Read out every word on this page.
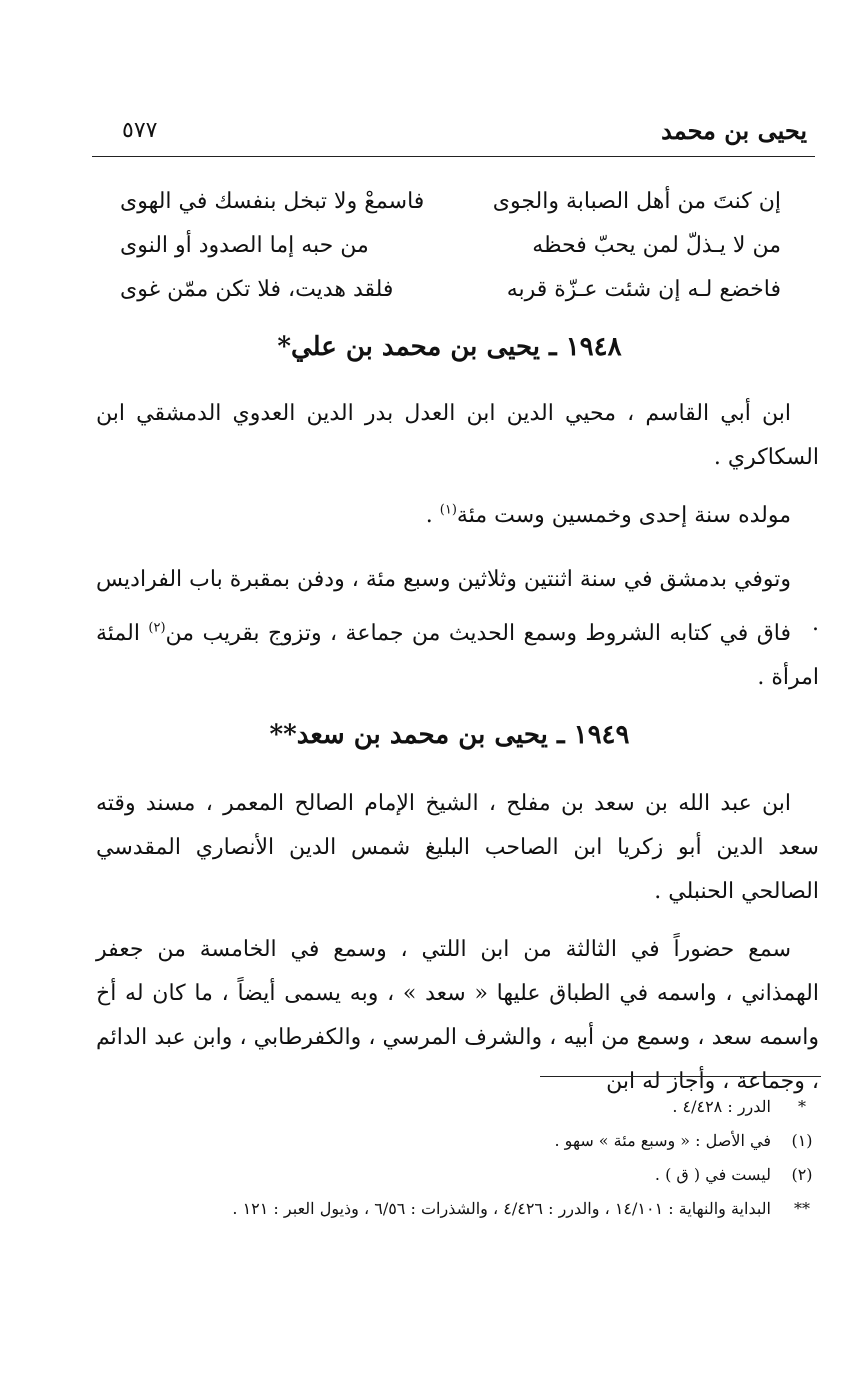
يحيى بن محمد
٥٧٧
إن كنتَ من أهل الصبابة والجوى
فاسمعْ ولا تبخل بنفسك في الهوى
من لا يـذلّ لمن يحبّ فحظه
من حبه إما الصدود أو النوى
فاخضع لـه إن شئت عـزّة قربه
فلقد هديت، فلا تكن ممّن غوى
١٩٤٨ ـ يحيى بن محمد بن علي*
ابن أبي القاسم ، محيي الدين ابن العدل بدر الدين العدوي الدمشقي ابن السكاكري .
مولده سنة إحدى وخمسين وست مئة$^{(١)}$ .
وتوفي بدمشق في سنة اثنتين وثلاثين وسبع مئة ، ودفن بمقبرة باب الفراديس .
فاق في كتابه الشروط وسمع الحديث من جماعة ، وتزوج بقريب من$^{(٢)}$ المئة امرأة .
١٩٤٩ ـ يحيى بن محمد بن سعد**
ابن عبد الله بن سعد بن مفلح ، الشيخ الإمام الصالح المعمر ، مسند وقته سعد الدين أبو زكريا ابن الصاحب البليغ شمس الدين الأنصاري المقدسي الصالحي الحنبلي .
سمع حضوراً في الثالثة من ابن اللتي ، وسمع في الخامسة من جعفر الهمذاني ، واسمه في الطباق عليها « سعد » ، وبه يسمى أيضاً ، ما كان له أخ واسمه سعد ، وسمع من أبيه ، والشرف المرسي ، والكفرطابي ، وابن عبد الدائم ، وجماعة ، وأجاز له ابن
*
الدرر : ٤/٤٢٨ .
(١)
في الأصل : « وسبع مئة » سهو .
(٢)
ليست في ( ق ) .
**
البداية والنهاية : ١٤/١٠١ ، والدرر : ٤/٤٢٦ ، والشذرات : ٦/٥٦ ، وذيول العبر : ١٢١ .
